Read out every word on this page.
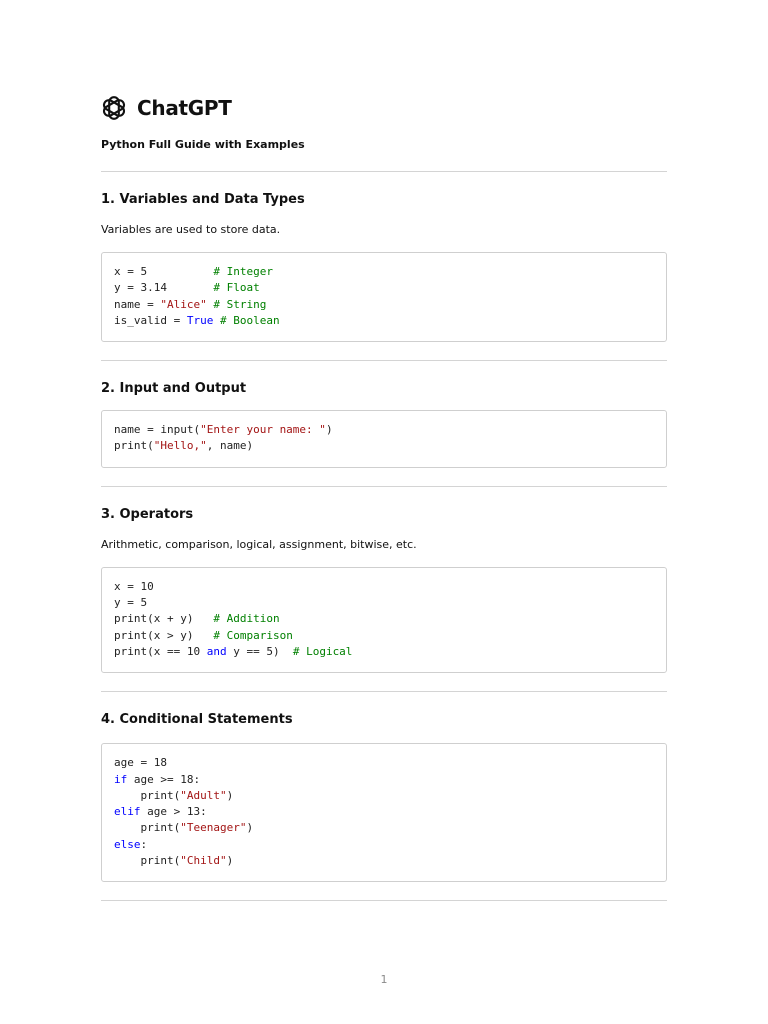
ChatGPT
Python Full Guide with Examples
1. Variables and Data Types
Variables are used to store data.
x = 5          # Integer
y = 3.14       # Float
name = "Alice" # String
is_valid = True # Boolean
2. Input and Output
name = input("Enter your name: ")
print("Hello,", name)
3. Operators
Arithmetic, comparison, logical, assignment, bitwise, etc.
x = 10
y = 5
print(x + y)   # Addition
print(x > y)   # Comparison
print(x == 10 and y == 5)  # Logical
4. Conditional Statements
age = 18
if age >= 18:
print("Adult")
elif age > 13:
print("Teenager")
else:
print("Child")
1
